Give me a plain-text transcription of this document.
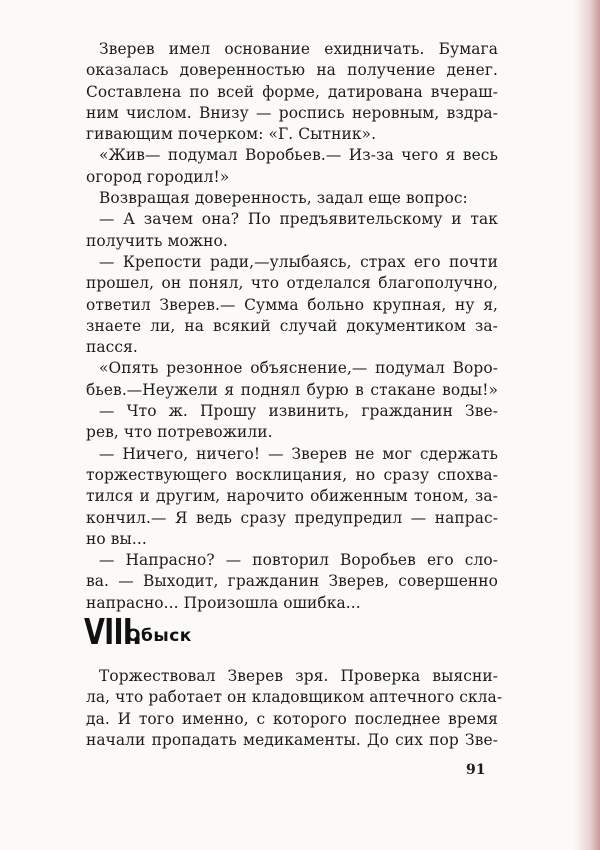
Зверев имел основание ехидничать. Бумага
оказалась доверенностью на получение денег.
Составлена по всей форме, датирована вчераш-
ним числом. Внизу — роспись неровным, вздра-
гивающим почерком: «Г. Сытник».
«Жив— подумал Воробьев.— Из-за чего я весь
огород городил!»
Возвращая доверенность, задал еще вопрос:
— А зачем она? По предъявительскому и так
получить можно.
— Крепости ради,—улыбаясь, страх его почти
прошел, он понял, что отделался благополучно,
ответил Зверев.— Сумма больно крупная, ну я,
знаете ли, на всякий случай документиком за-
пасся.
«Опять резонное объяснение,— подумал Воро-
бьев.—Неужели я поднял бурю в стакане воды!»
— Что ж. Прошу извинить, гражданин Зве-
рев, что потревожили.
— Ничего, ничего! — Зверев не мог сдержать
торжествующего восклицания, но сразу спохва-
тился и другим, нарочито обиженным тоном, за-
кончил.— Я ведь сразу предупредил — напрас-
но вы...
— Напрасно? — повторил Воробьев его сло-
ва. — Выходит, гражданин Зверев, совершенно
напрасно... Произошла ошибка...
VIII.
Обыск
Торжествовал Зверев зря. Проверка выясни-
ла, что работает он кладовщиком аптечного скла-
да. И того именно, с которого последнее время
начали пропадать медикаменты. До сих пор Зве-
91
